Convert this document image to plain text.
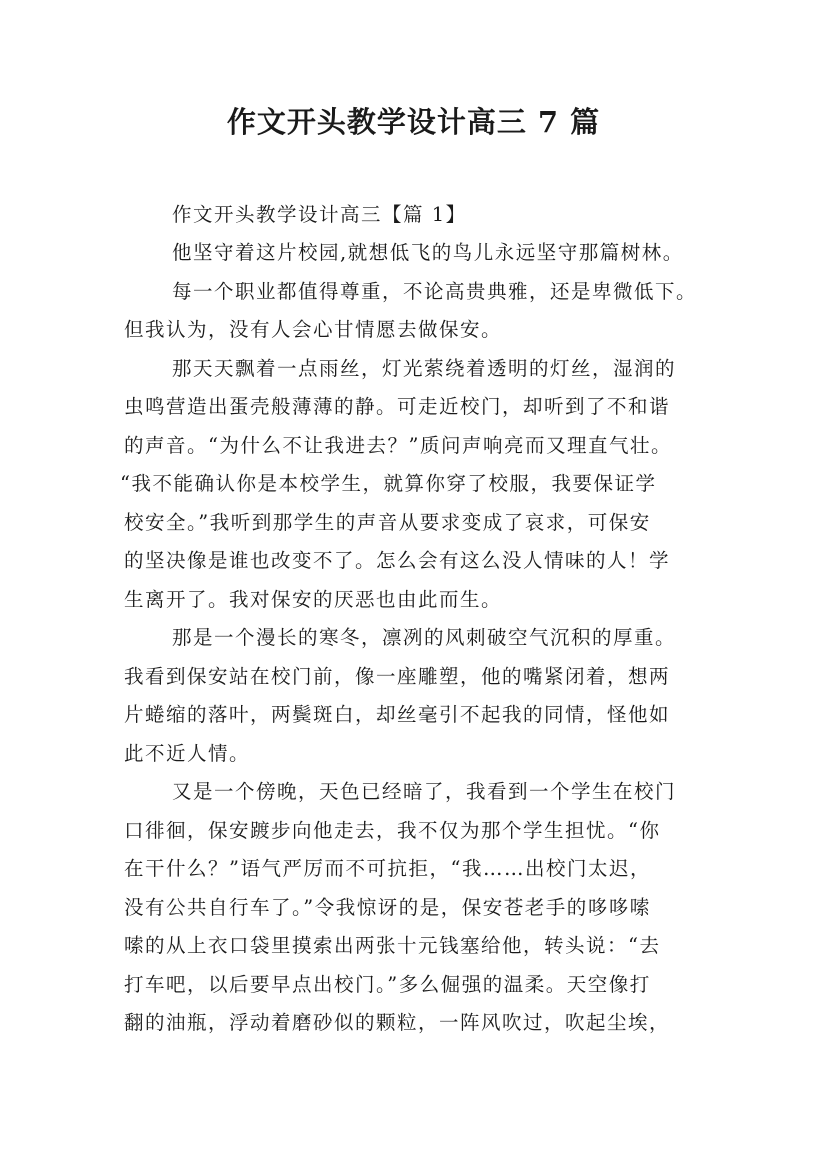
作文开头教学设计高三 7 篇

作文开头教学设计高三【篇 1】

他坚守着这片校园,就想低飞的鸟儿永远坚守那篇树林。

每一个职业都值得尊重，不论高贵典雅，还是卑微低下。

但我认为，没有人会心甘情愿去做保安。

那天天飘着一点雨丝，灯光萦绕着透明的灯丝，湿润的

虫鸣营造出蛋壳般薄薄的静。可走近校门，却听到了不和谐

的声音。“为什么不让我进去？”质问声响亮而又理直气壮。

“我不能确认你是本校学生，就算你穿了校服，我要保证学

校安全。”我听到那学生的声音从要求变成了哀求，可保安

的坚决像是谁也改变不了。怎么会有这么没人情味的人！学

生离开了。我对保安的厌恶也由此而生。

那是一个漫长的寒冬，凛冽的风刺破空气沉积的厚重。

我看到保安站在校门前，像一座雕塑，他的嘴紧闭着，想两

片蜷缩的落叶，两鬓斑白，却丝毫引不起我的同情，怪他如

此不近人情。

又是一个傍晚，天色已经暗了，我看到一个学生在校门

口徘徊，保安踱步向他走去，我不仅为那个学生担忧。“你

在干什么？”语气严厉而不可抗拒，“我……出校门太迟，

没有公共自行车了。”令我惊讶的是，保安苍老手的哆哆嗦

嗦的从上衣口袋里摸索出两张十元钱塞给他，转头说：“去

打车吧，以后要早点出校门。”多么倔强的温柔。天空像打

翻的油瓶，浮动着磨砂似的颗粒，一阵风吹过，吹起尘埃，
